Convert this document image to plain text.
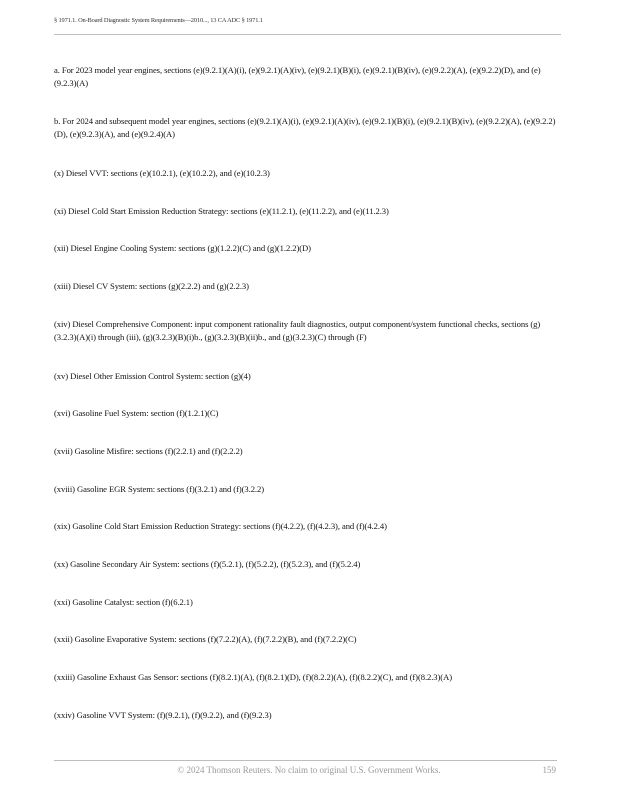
§ 1971.1. On-Board Diagnostic System Requirements—2010..., 13 CA ADC § 1971.1

a. For 2023 model year engines, sections (e)(9.2.1)(A)(i), (e)(9.2.1)(A)(iv), (e)(9.2.1)(B)(i), (e)(9.2.1)(B)(iv), (e)(9.2.2)(A), (e)(9.2.2)(D), and (e)(9.2.3)(A)

b. For 2024 and subsequent model year engines, sections (e)(9.2.1)(A)(i), (e)(9.2.1)(A)(iv), (e)(9.2.1)(B)(i), (e)(9.2.1)(B)(iv), (e)(9.2.2)(A), (e)(9.2.2)(D), (e)(9.2.3)(A), and (e)(9.2.4)(A)

(x) Diesel VVT: sections (e)(10.2.1), (e)(10.2.2), and (e)(10.2.3)

(xi) Diesel Cold Start Emission Reduction Strategy: sections (e)(11.2.1), (e)(11.2.2), and (e)(11.2.3)

(xii) Diesel Engine Cooling System: sections (g)(1.2.2)(C) and (g)(1.2.2)(D)

(xiii) Diesel CV System: sections (g)(2.2.2) and (g)(2.2.3)

(xiv) Diesel Comprehensive Component: input component rationality fault diagnostics, output component/system functional checks, sections (g)(3.2.3)(A)(i) through (iii), (g)(3.2.3)(B)(i)b., (g)(3.2.3)(B)(ii)b., and (g)(3.2.3)(C) through (F)

(xv) Diesel Other Emission Control System: section (g)(4)

(xvi) Gasoline Fuel System: section (f)(1.2.1)(C)

(xvii) Gasoline Misfire: sections (f)(2.2.1) and (f)(2.2.2)

(xviii) Gasoline EGR System: sections (f)(3.2.1) and (f)(3.2.2)

(xix) Gasoline Cold Start Emission Reduction Strategy: sections (f)(4.2.2), (f)(4.2.3), and (f)(4.2.4)

(xx) Gasoline Secondary Air System: sections (f)(5.2.1), (f)(5.2.2), (f)(5.2.3), and (f)(5.2.4)

(xxi) Gasoline Catalyst: section (f)(6.2.1)

(xxii) Gasoline Evaporative System: sections (f)(7.2.2)(A), (f)(7.2.2)(B), and (f)(7.2.2)(C)

(xxiii) Gasoline Exhaust Gas Sensor: sections (f)(8.2.1)(A), (f)(8.2.1)(D), (f)(8.2.2)(A), (f)(8.2.2)(C), and (f)(8.2.3)(A)

(xxiv) Gasoline VVT System: (f)(9.2.1), (f)(9.2.2), and (f)(9.2.3)

© 2024 Thomson Reuters. No claim to original U.S. Government Works.	159
